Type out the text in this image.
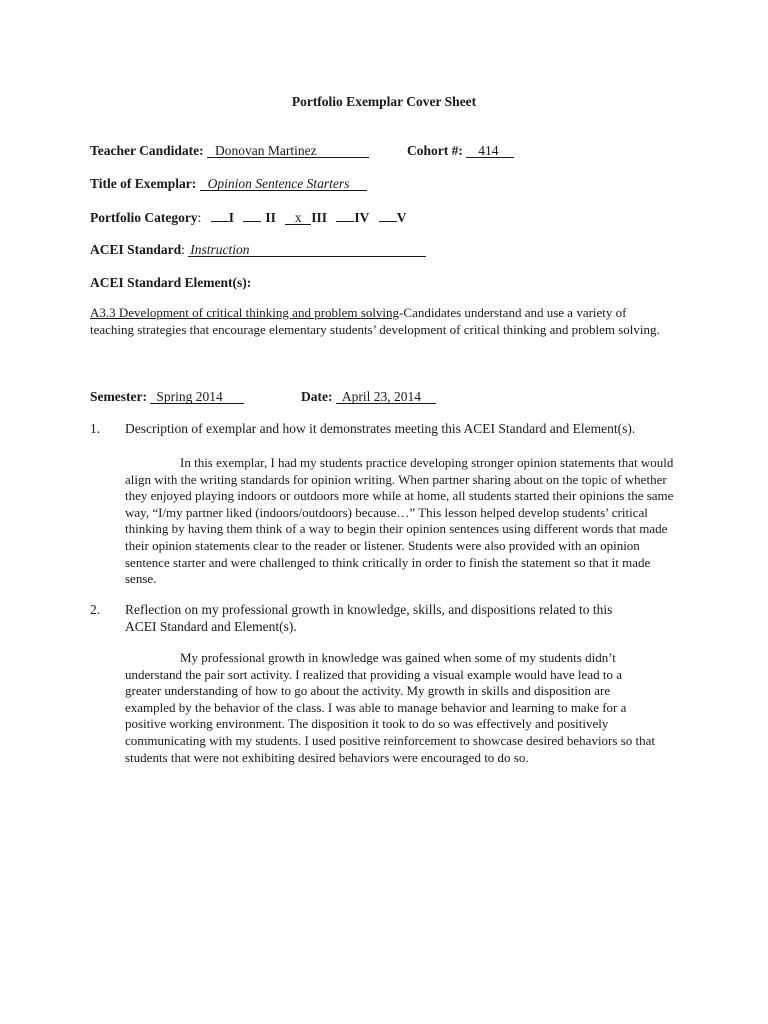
Portfolio Exemplar Cover Sheet
Teacher Candidate: Donovan Martinez	Cohort #: 414
Title of Exemplar: Opinion Sentence Starters
Portfolio Category: I II x III IV V
ACEI Standard: Instruction
ACEI Standard Element(s):
A3.3 Development of critical thinking and problem solving-Candidates understand and use a variety of teaching strategies that encourage elementary students’ development of critical thinking and problem solving.
Semester: Spring 2014	Date: April 23, 2014
1. Description of exemplar and how it demonstrates meeting this ACEI Standard and Element(s).
In this exemplar, I had my students practice developing stronger opinion statements that would align with the writing standards for opinion writing. When partner sharing about on the topic of whether they enjoyed playing indoors or outdoors more while at home, all students started their opinions the same way, “I/my partner liked (indoors/outdoors) because…” This lesson helped develop students’ critical thinking by having them think of a way to begin their opinion sentences using different words that made their opinion statements clear to the reader or listener. Students were also provided with an opinion sentence starter and were challenged to think critically in order to finish the statement so that it made sense.
2. Reflection on my professional growth in knowledge, skills, and dispositions related to this ACEI Standard and Element(s).
My professional growth in knowledge was gained when some of my students didn’t understand the pair sort activity. I realized that providing a visual example would have lead to a greater understanding of how to go about the activity. My growth in skills and disposition are exampled by the behavior of the class. I was able to manage behavior and learning to make for a positive working environment. The disposition it took to do so was effectively and positively communicating with my students. I used positive reinforcement to showcase desired behaviors so that students that were not exhibiting desired behaviors were encouraged to do so.
